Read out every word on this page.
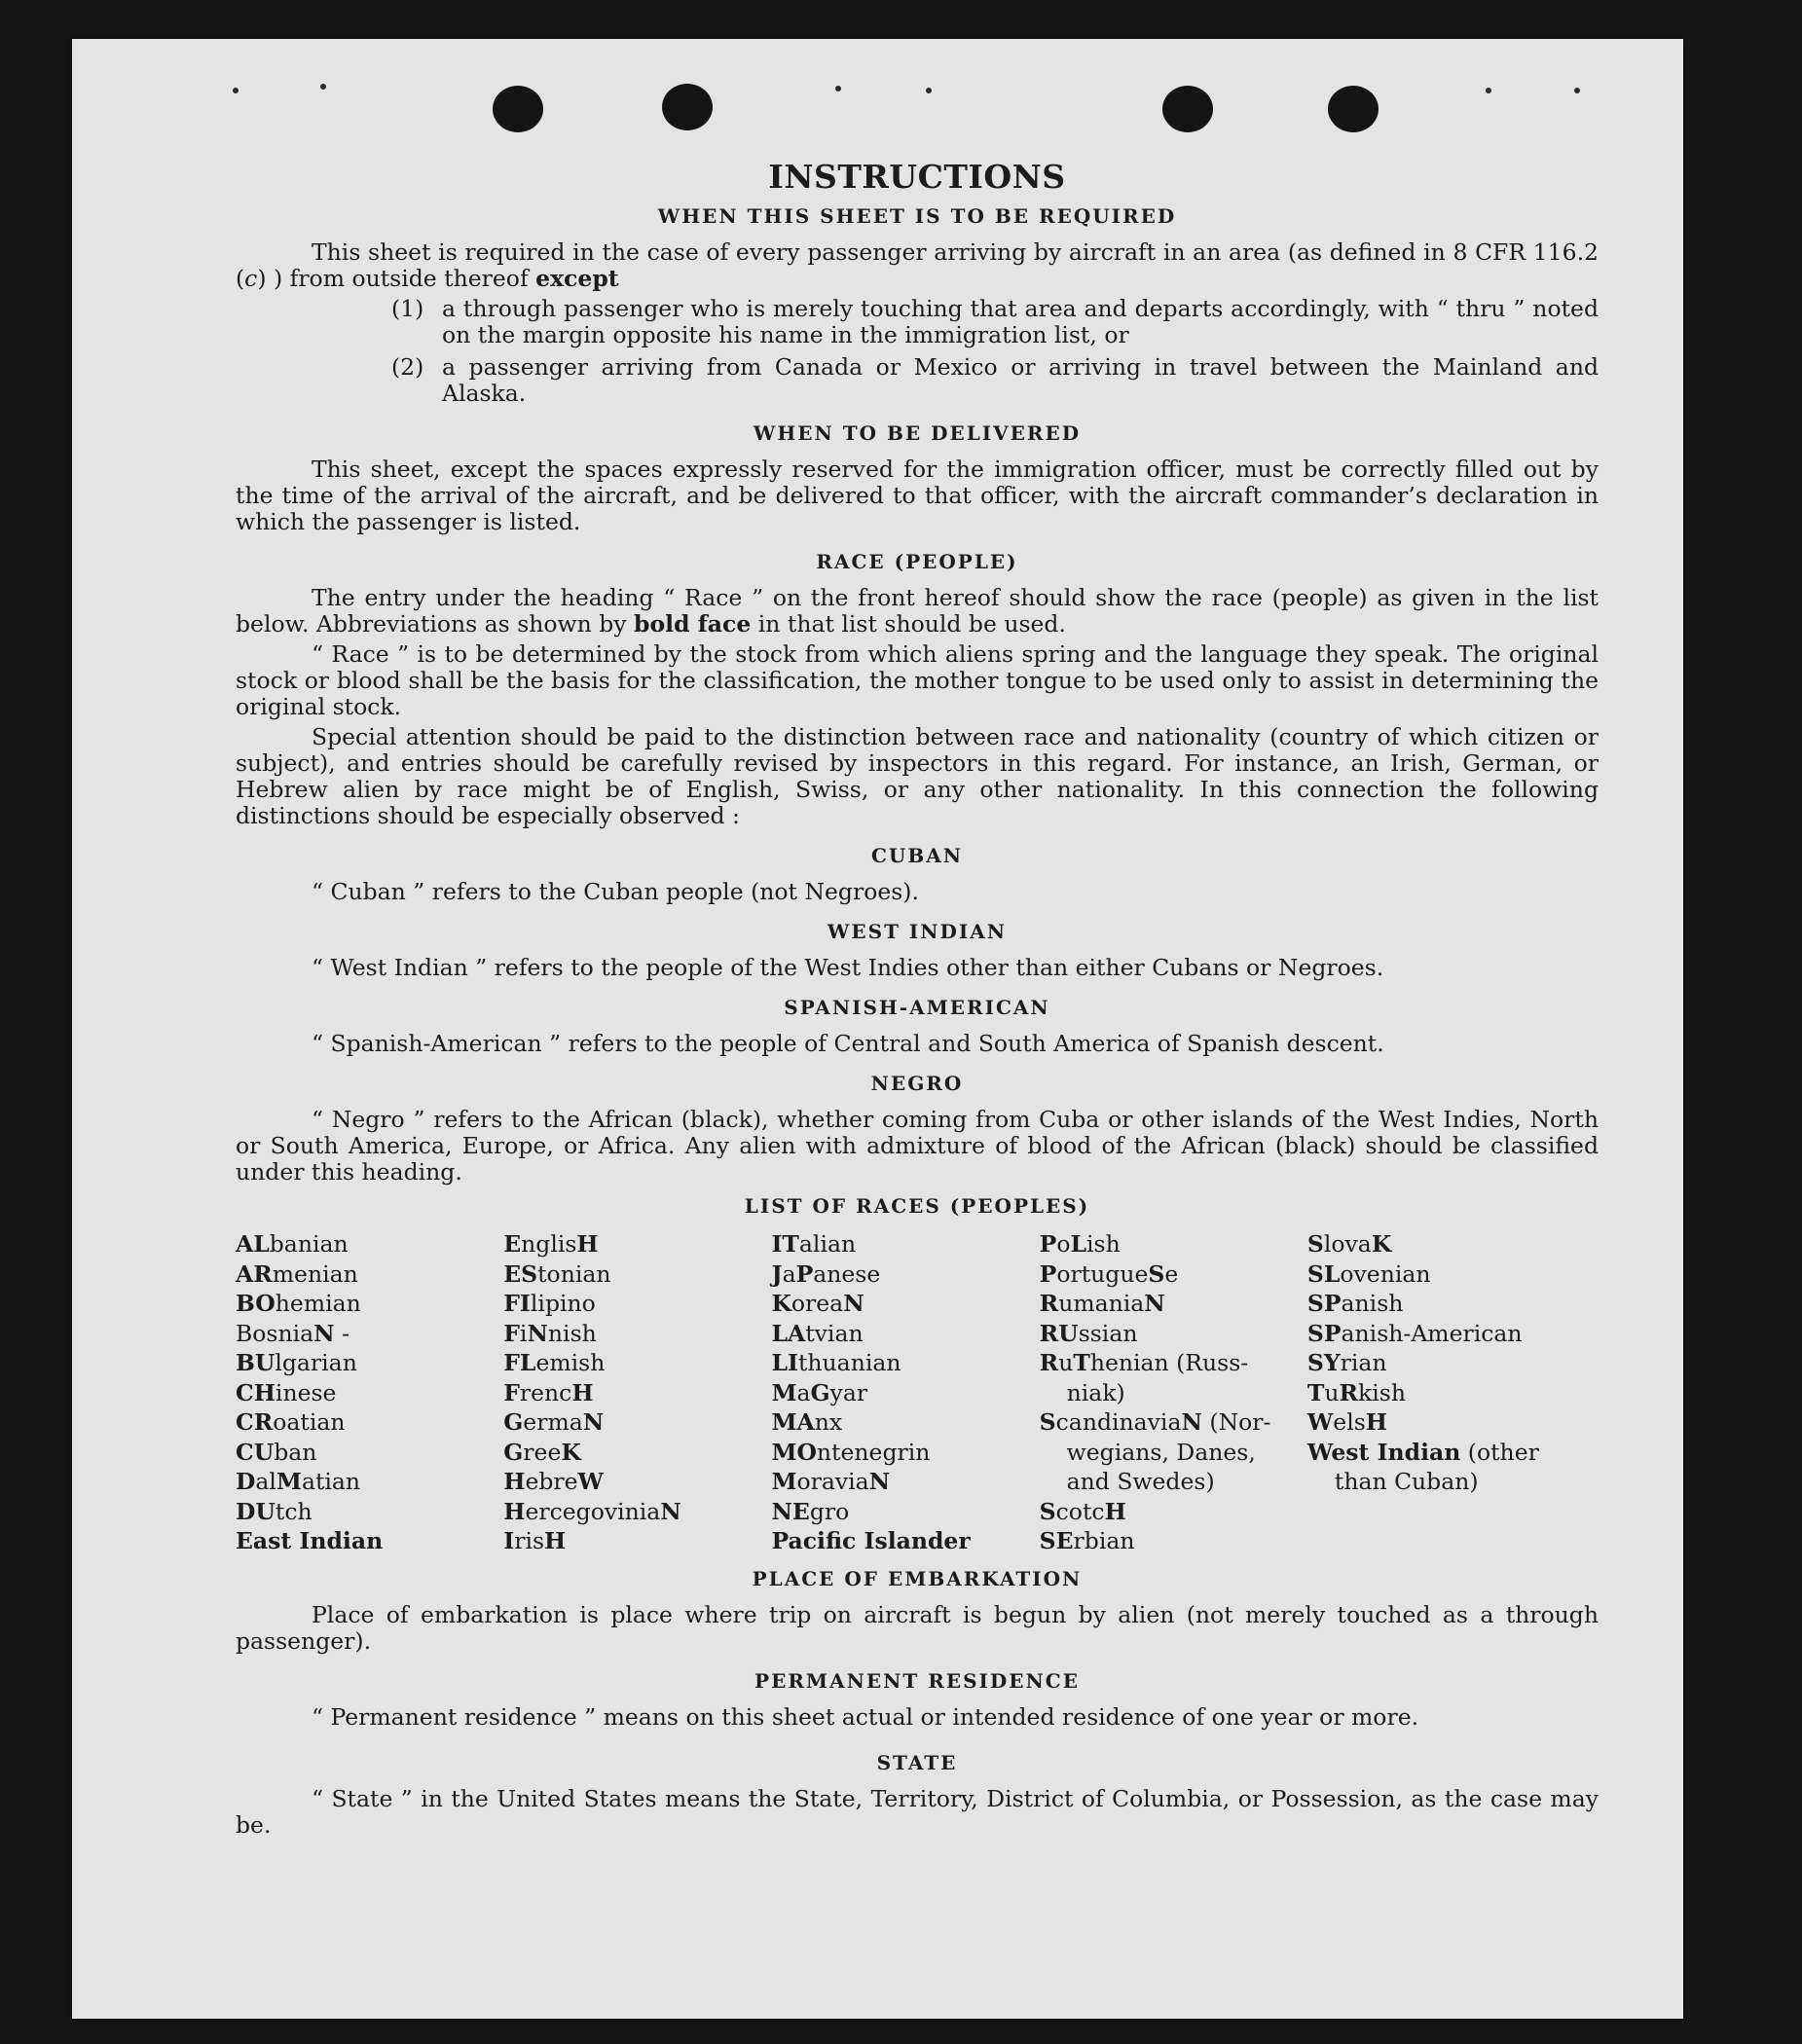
INSTRUCTIONS
WHEN THIS SHEET IS TO BE REQUIRED

This sheet is required in the case of every passenger arriving by aircraft in an area (as defined in 8 CFR 116.2 (c) ) from outside thereof except

(1) a through passenger who is merely touching that area and departs accordingly, with “ thru ” noted on the margin opposite his name in the immigration list, or
(2) a passenger arriving from Canada or Mexico or arriving in travel between the Mainland and Alaska.
WHEN TO BE DELIVERED

This sheet, except the spaces expressly reserved for the immigration officer, must be correctly filled out by the time of the arrival of the aircraft, and be delivered to that officer, with the aircraft commander’s declaration in which the passenger is listed.

RACE (PEOPLE)

The entry under the heading “ Race ” on the front hereof should show the race (people) as given in the list below. Abbreviations as shown by bold face in that list should be used.

“ Race ” is to be determined by the stock from which aliens spring and the language they speak. The original stock or blood shall be the basis for the classification, the mother tongue to be used only to assist in determining the original stock.

Special attention should be paid to the distinction between race and nationality (country of which citizen or subject), and entries should be carefully revised by inspectors in this regard. For instance, an Irish, German, or Hebrew alien by race might be of English, Swiss, or any other nationality. In this connection the following distinctions should be especially observed :

CUBAN

“ Cuban ” refers to the Cuban people (not Negroes).

WEST INDIAN

“ West Indian ” refers to the people of the West Indies other than either Cubans or Negroes.

SPANISH-AMERICAN

“ Spanish-American ” refers to the people of Central and South America of Spanish descent.

NEGRO

“ Negro ” refers to the African (black), whether coming from Cuba or other islands of the West Indies, North or South America, Europe, or Africa. Any alien with admixture of blood of the African (black) should be classified under this heading.

LIST OF RACES (PEOPLES)
ALbanian
ARmenian
BOhemian
BosniaN -
BUlgarian
CHinese
CRoatian
CUban
DalMatian
DUtch
East Indian
EnglisH
EStonian
FIlipino
FiNnish
FLemish
FrencH
GermaN
GreeK
HebreW
HercegoviniaN
IrisH
ITalian
JaPanese
KoreaN
LAtvian
LIthuanian
MaGyar
MAnx
MOntenegrin
MoraviaN
NEgro
Pacific Islander
PoLish
PortugueSe
RumaniaN
RUssian
RuThenian (Russ-
niak)
ScandinaviaN (Nor-
wegians, Danes,
and Swedes)
ScotcH
SErbian
SlovaK
SLovenian
SPanish
SPanish-American
SYrian
TuRkish
WelsH
West Indian (other
than Cuban)
PLACE OF EMBARKATION

Place of embarkation is place where trip on aircraft is begun by alien (not merely touched as a through passenger).

PERMANENT RESIDENCE

“ Permanent residence ” means on this sheet actual or intended residence of one year or more.

STATE

“ State ” in the United States means the State, Territory, District of Columbia, or Possession, as the case may be.
